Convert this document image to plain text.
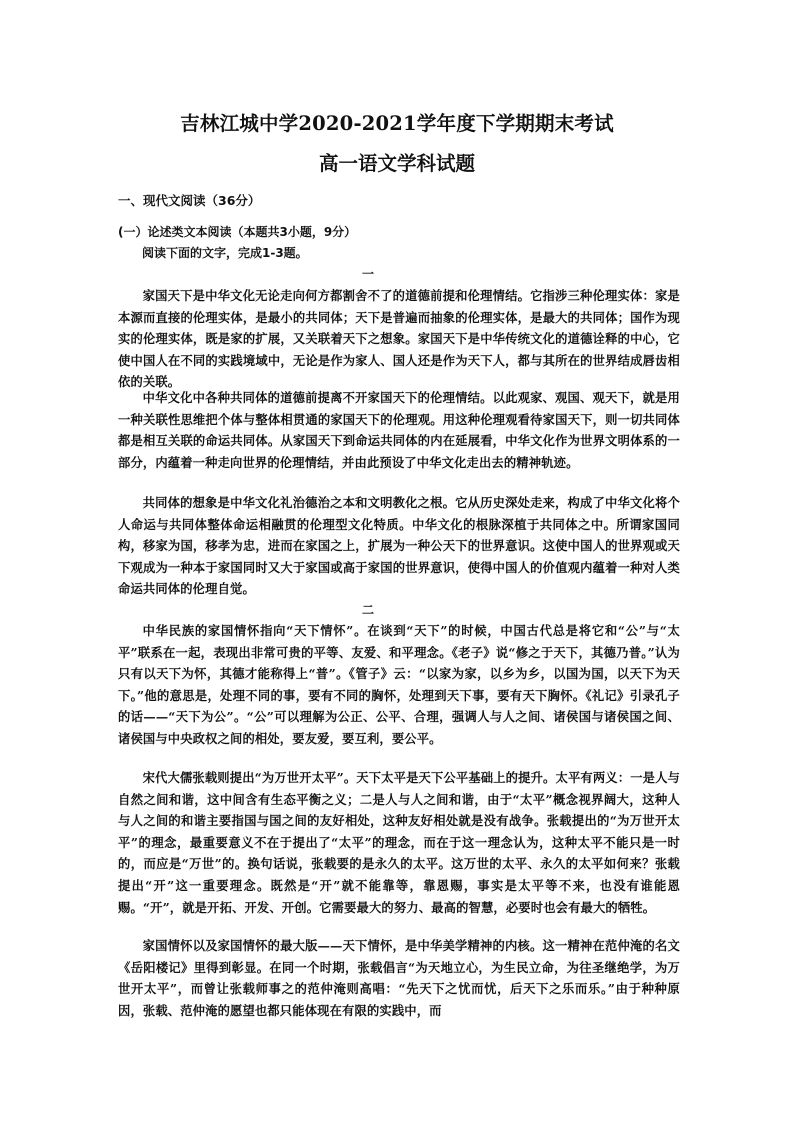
吉林江城中学2020-2021学年度下学期期末考试
高一语文学科试题
一、现代文阅读（36分）
(一）论述类文本阅读（本题共3小题，9分）
阅读下面的文字，完成1-3题。
一
家国天下是中华文化无论走向何方都割舍不了的道德前提和伦理情结。它指涉三种伦理实体：家是本源而直接的伦理实体，是最小的共同体；天下是普遍而抽象的伦理实体，是最大的共同体；国作为现实的伦理实体，既是家的扩展，又关联着天下之想象。家国天下是中华传统文化的道德诠释的中心，它使中国人在不同的实践境域中，无论是作为家人、国人还是作为天下人，都与其所在的世界结成唇齿相依的关联。
中华文化中各种共同体的道德前提离不开家国天下的伦理情结。以此观家、观国、观天下，就是用一种关联性思维把个体与整体相贯通的家国天下的伦理观。用这种伦理观看待家国天下，则一切共同体都是相互关联的命运共同体。从家国天下到命运共同体的内在延展看，中华文化作为世界文明体系的一部分，内蕴着一种走向世界的伦理情结，并由此预设了中华文化走出去的精神轨迹。
共同体的想象是中华文化礼治德治之本和文明教化之根。它从历史深处走来，构成了中华文化将个人命运与共同体整体命运相融贯的伦理型文化特质。中华文化的根脉深植于共同体之中。所谓家国同构，移家为国，移孝为忠，进而在家国之上，扩展为一种公天下的世界意识。这使中国人的世界观或天下观成为一种本于家国同时又大于家国或高于家国的世界意识，使得中国人的价值观内蕴着一种对人类命运共同体的伦理自觉。
二
中华民族的家国情怀指向“天下情怀”。在谈到“天下”的时候，中国古代总是将它和“公”与“太平”联系在一起，表现出非常可贵的平等、友爱、和平理念。《老子》说“修之于天下，其德乃普。”认为只有以天下为怀，其德才能称得上“普”。《管子》云：“以家为家，以乡为乡，以国为国，以天下为天下。”他的意思是，处理不同的事，要有不同的胸怀，处理到天下事，要有天下胸怀。《礼记》引录孔子的话——“天下为公”。“公”可以理解为公正、公平、合理，强调人与人之间、诸侯国与诸侯国之间、诸侯国与中央政权之间的相处，要友爱，要互利，要公平。
宋代大儒张载则提出“为万世开太平”。天下太平是天下公平基础上的提升。太平有两义：一是人与自然之间和谐，这中间含有生态平衡之义；二是人与人之间和谐，由于“太平”概念视界阔大，这种人与人之间的和谐主要指国与国之间的友好相处，这种友好相处就是没有战争。张载提出的“为万世开太平”的理念，最重要意义不在于提出了“太平”的理念，而在于这一理念认为，这种太平不能只是一时的，而应是“万世”的。换句话说，张载要的是永久的太平。这万世的太平、永久的太平如何来？张载提出“开”这一重要理念。既然是“开”就不能靠等，靠恩赐，事实是太平等不来，也没有谁能恩赐。“开”，就是开拓、开发、开创。它需要最大的努力、最高的智慧，必要时也会有最大的牺牲。
家国情怀以及家国情怀的最大版——天下情怀，是中华美学精神的内核。这一精神在范仲淹的名文《岳阳楼记》里得到彰显。在同一个时期，张载倡言“为天地立心，为生民立命，为往圣继绝学，为万世开太平”，而曾让张载师事之的范仲淹则高唱：“先天下之忧而忧，后天下之乐而乐。”由于种种原因，张载、范仲淹的愿望也都只能体现在有限的实践中，而
